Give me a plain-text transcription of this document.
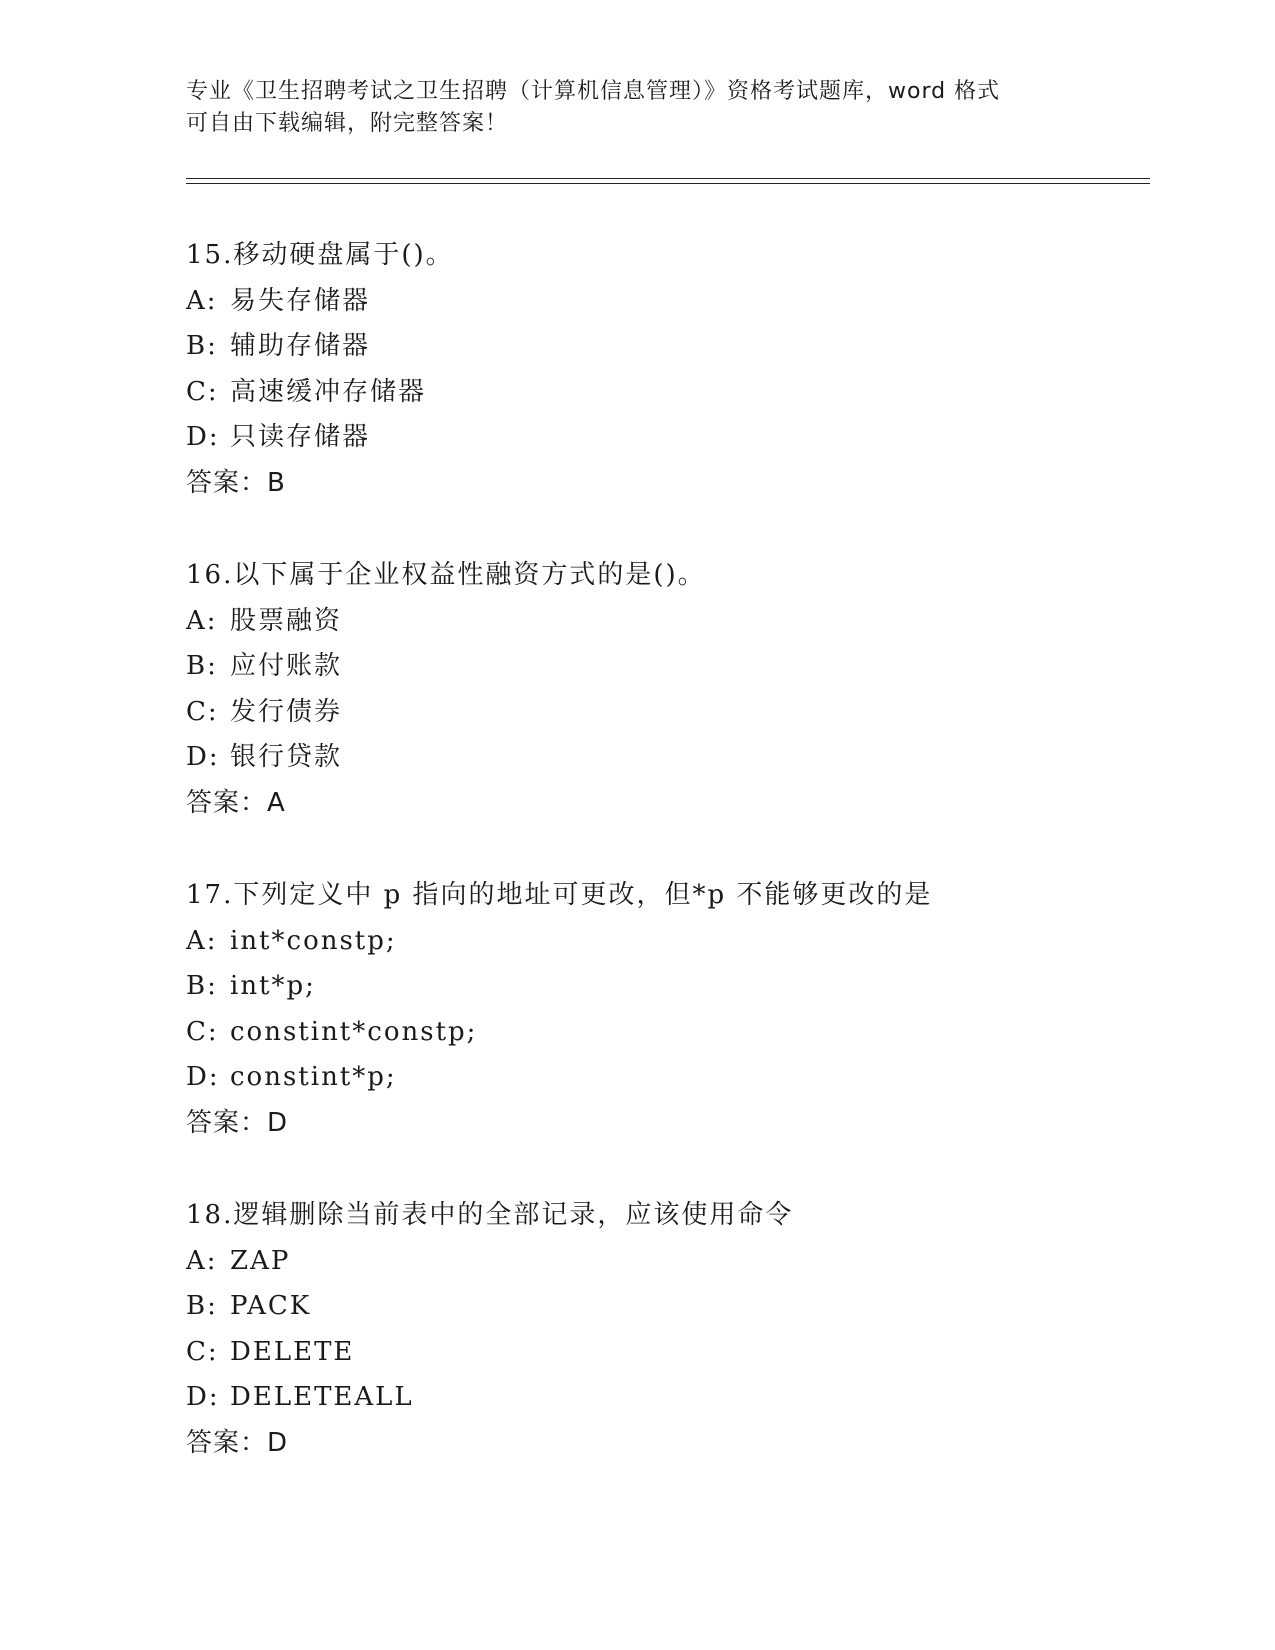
专业《卫生招聘考试之卫生招聘（计算机信息管理）》资格考试题库，word 格式
可自由下载编辑，附完整答案！
15.移动硬盘属于()。
A: 易失存储器
B: 辅助存储器
C: 高速缓冲存储器
D: 只读存储器
答案：B
16.以下属于企业权益性融资方式的是()。
A: 股票融资
B: 应付账款
C: 发行债券
D: 银行贷款
答案：A
17.下列定义中 p 指向的地址可更改，但*p 不能够更改的是
A: int*constp;
B: int*p;
C: constint*constp;
D: constint*p;
答案：D
18.逻辑删除当前表中的全部记录，应该使用命令
A: ZAP
B: PACK
C: DELETE
D: DELETEALL
答案：D
